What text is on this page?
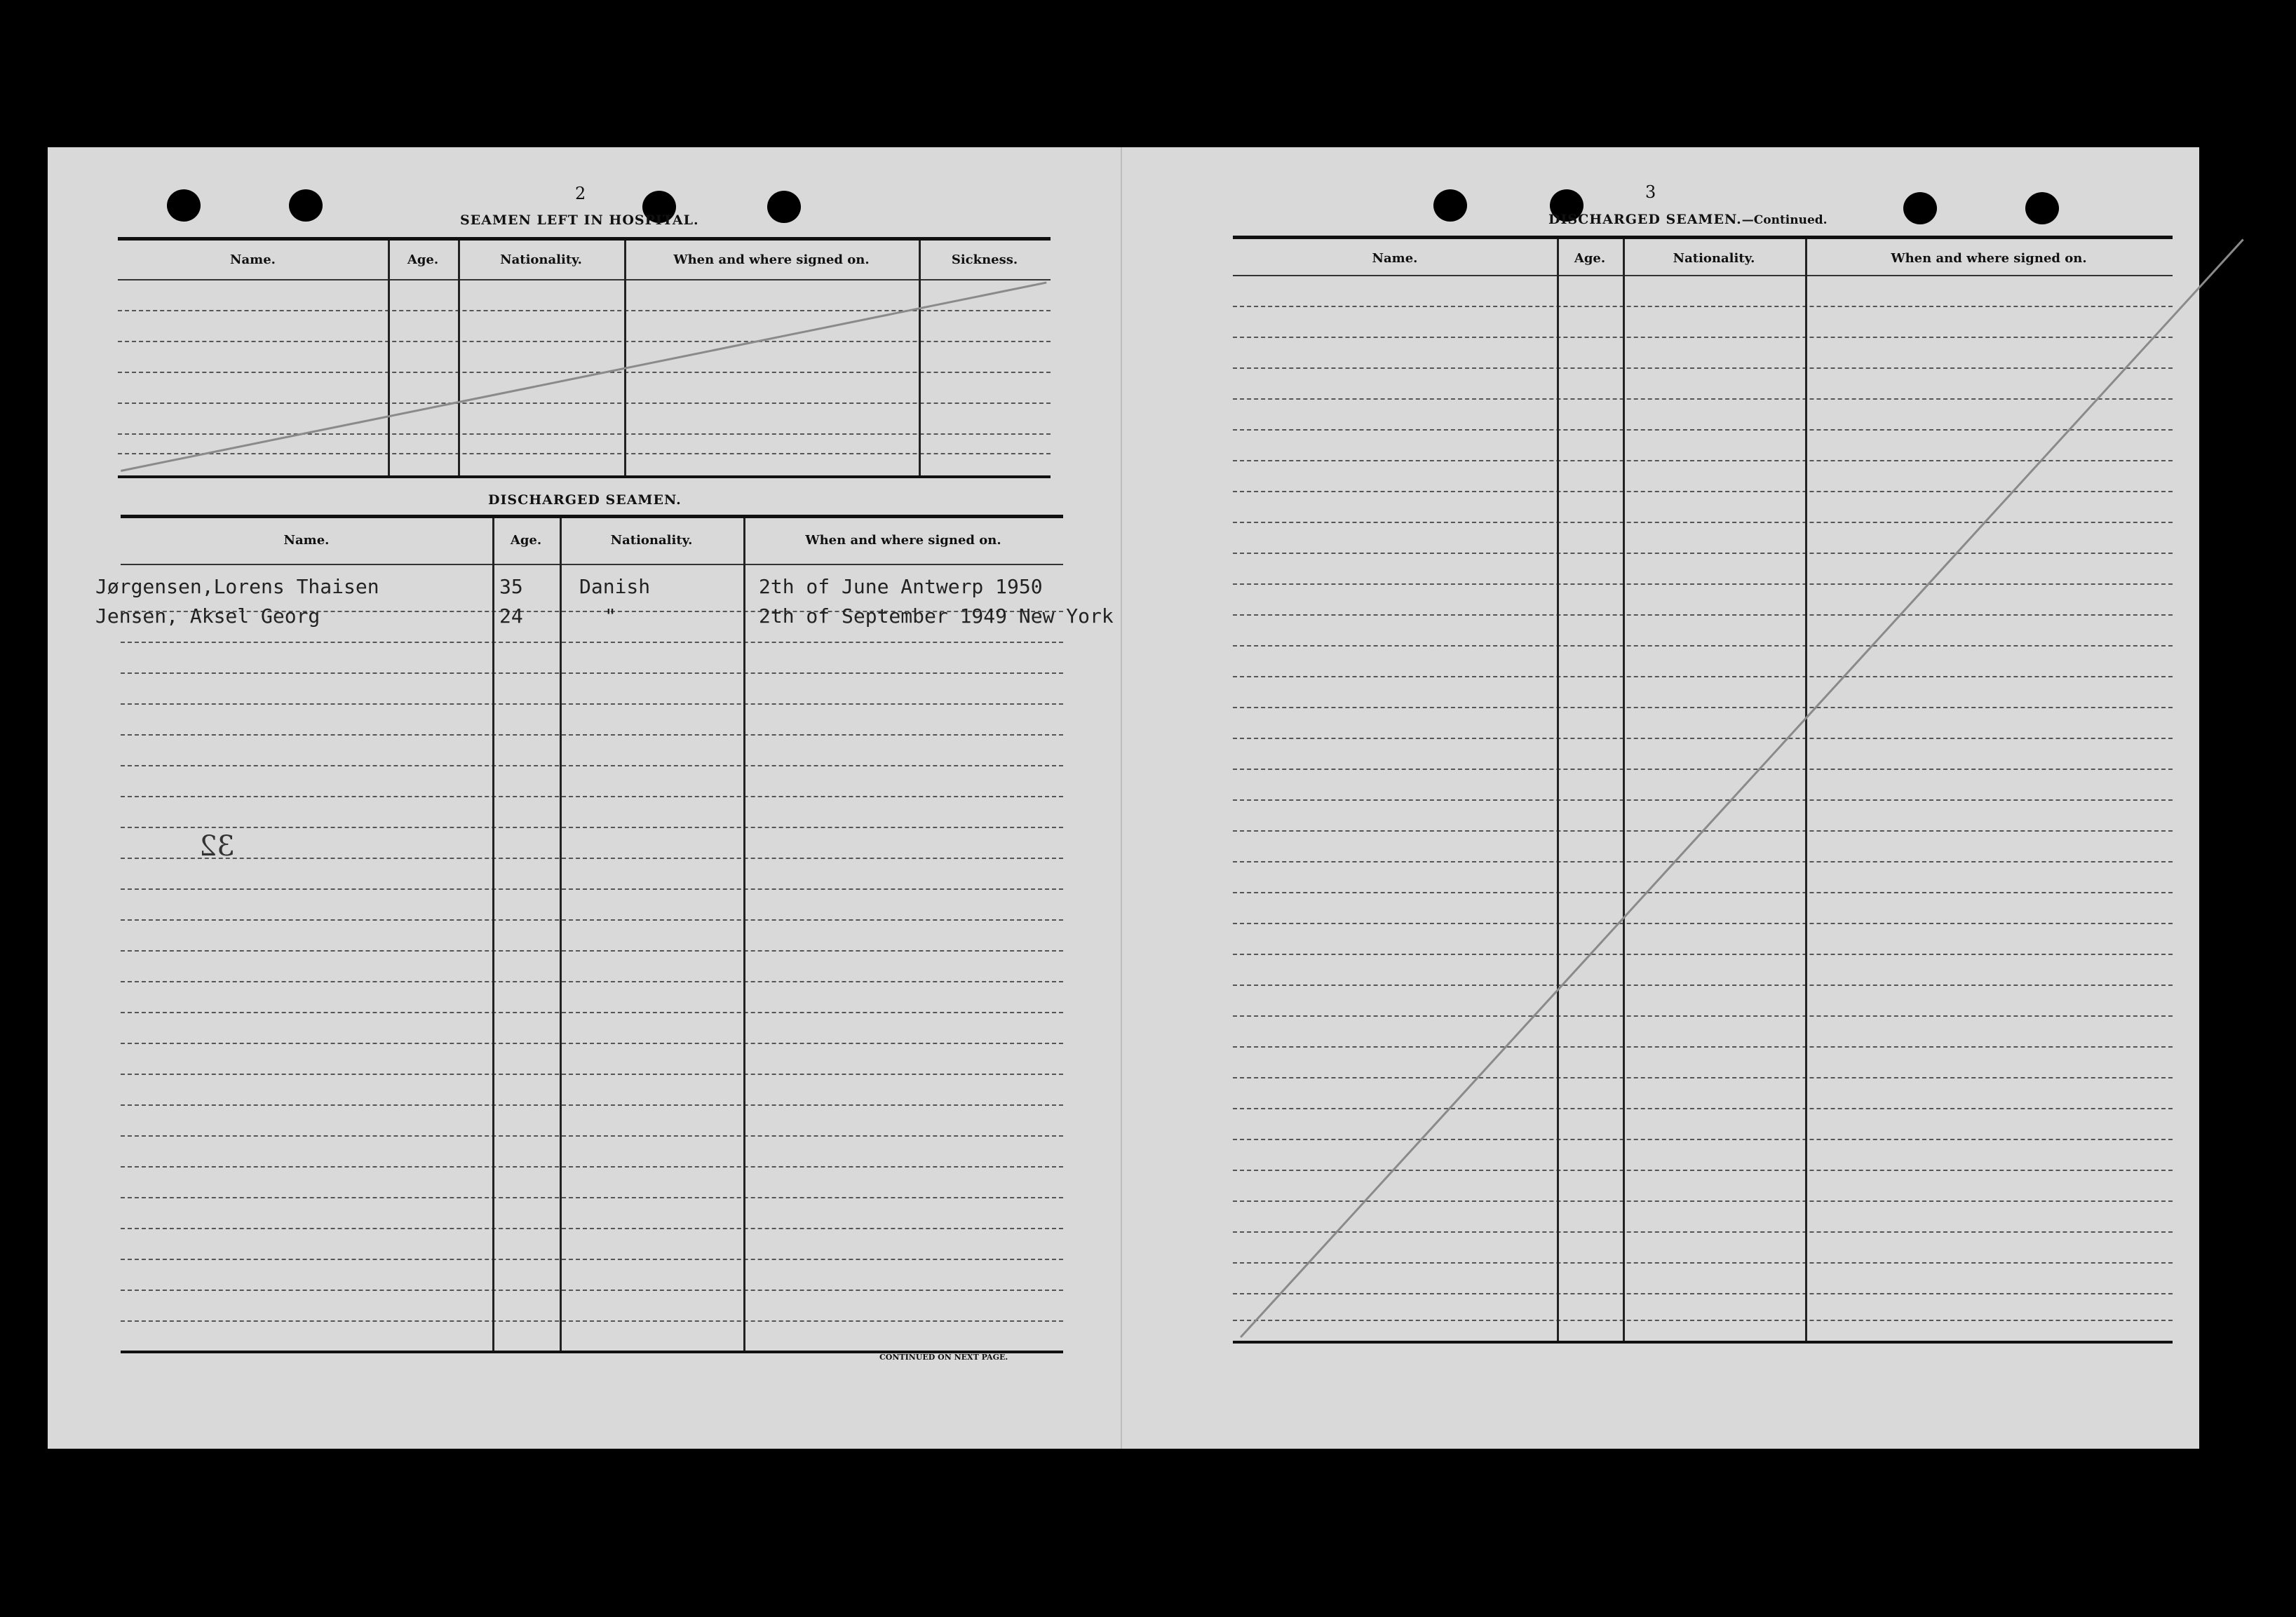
2
SEAMEN LEFT IN HOSPITAL.
Name.	Age.	Nationality.	When and where signed on.	Sickness.
DISCHARGED SEAMEN.
Name.	Age.	Nationality.	When and where signed on.
Jørgensen,Lorens Thaisen	35	Danish	2th of June Antwerp 1950
Jensen, Aksel Georg	24	"	2th of September 1949 New York
32
CONTINUED ON NEXT PAGE.
3
DISCHARGED SEAMEN.—Continued.
Name.	Age.	Nationality.	When and where signed on.
